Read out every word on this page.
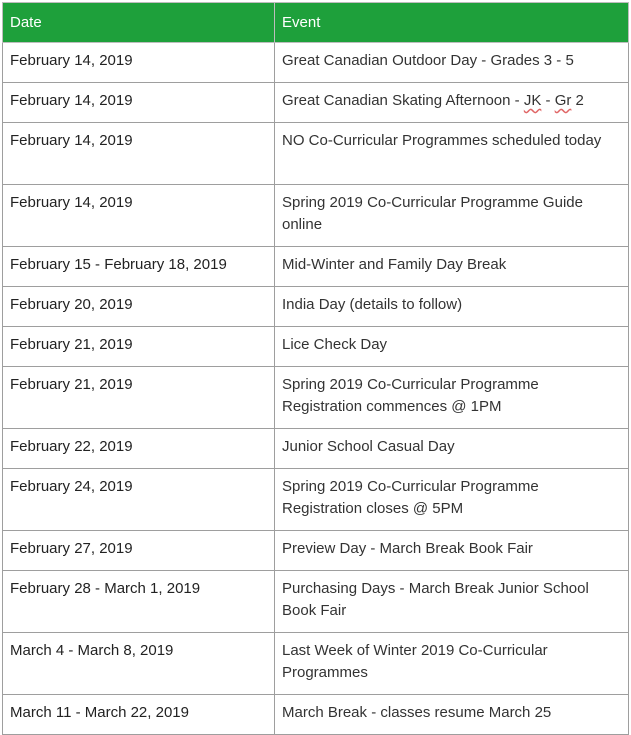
Date	Event
February 14, 2019	Great Canadian Outdoor Day - Grades 3 - 5
February 14, 2019	Great Canadian Skating Afternoon - JK - Gr 2
February 14, 2019	NO Co-Curricular Programmes scheduled today
February 14, 2019	Spring 2019 Co-Curricular Programme Guide online
February 15 - February 18, 2019	Mid-Winter and Family Day Break
February 20, 2019	India Day (details to follow)
February 21, 2019	Lice Check Day
February 21, 2019	Spring 2019 Co-Curricular Programme Registration commences @ 1PM
February 22, 2019	Junior School Casual Day
February 24, 2019	Spring 2019 Co-Curricular Programme Registration closes @ 5PM
February 27, 2019	Preview Day - March Break Book Fair
February 28 - March 1, 2019	Purchasing Days - March Break Junior School Book Fair
March 4 - March 8, 2019	Last Week of Winter 2019 Co-Curricular Programmes
March 11 - March 22, 2019	March Break - classes resume March 25
